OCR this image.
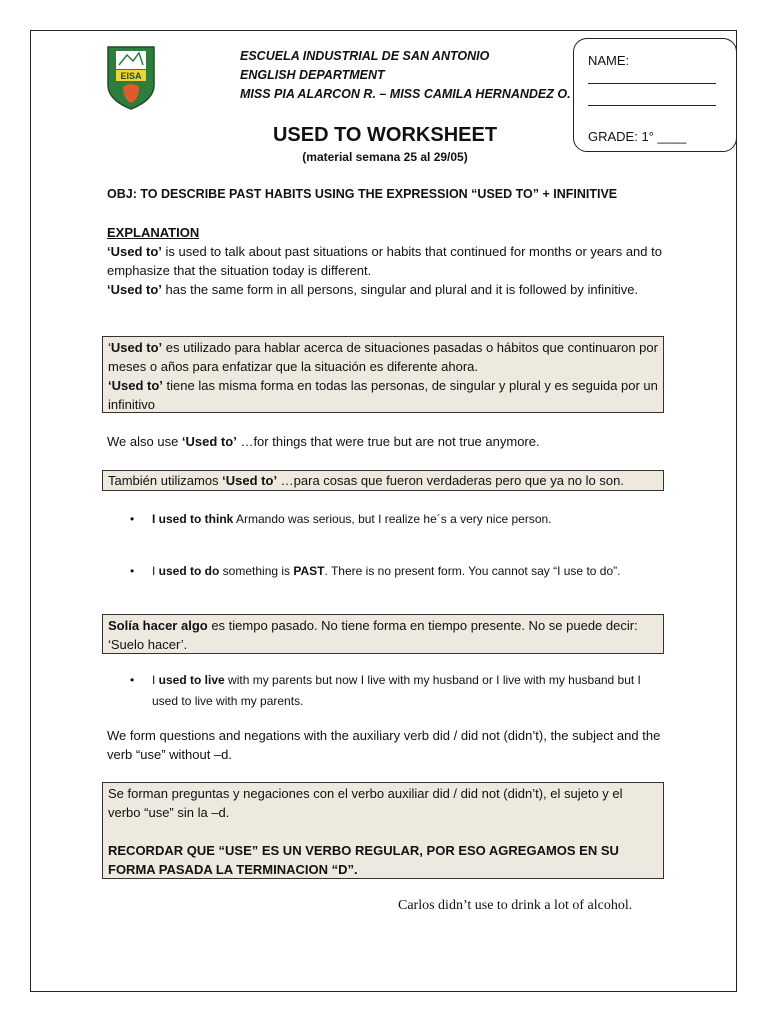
EISA
ESCUELA INDUSTRIAL DE SAN ANTONIO
ENGLISH DEPARTMENT
MISS PIA ALARCON R. – MISS CAMILA HERNANDEZ O.
NAME:
GRADE: 1° ____
USED TO WORKSHEET
(material semana 25 al 29/05)
OBJ: TO DESCRIBE PAST HABITS USING THE EXPRESSION “USED TO” + INFINITIVE
EXPLANATION
‘Used to’ is used to talk about past situations or habits that continued for months or years and to emphasize that the situation today is different.
‘Used to’ has the same form in all persons, singular and plural and it is followed by infinitive.
‘Used to’ es utilizado para hablar acerca de situaciones pasadas o hábitos que continuaron por meses o años para enfatizar que la situación es diferente ahora.
‘Used to’ tiene las misma forma en todas las personas, de singular y plural y es seguida por un infinitivo
We also use ‘Used to’ …for things that were true but are not true anymore.
También utilizamos ‘Used to’ …para cosas que fueron verdaderas pero que ya no lo son.
• I used to think Armando was serious, but I realize he´s a very nice person.
• I used to do something is PAST. There is no present form. You cannot say “I use to do”.
Solía hacer algo es tiempo pasado. No tiene forma en tiempo presente. No se puede decir: ‘Suelo hacer’.
• I used to live with my parents but now I live with my husband or I live with my husband but I used to live with my parents.
We form questions and negations with the auxiliary verb did / did not (didn’t), the subject and the verb “use” without –d.
Se forman preguntas y negaciones con el verbo auxiliar did / did not (didn’t), el sujeto y el verbo “use” sin la –d.
RECORDAR QUE “USE” ES UN VERBO REGULAR, POR ESO AGREGAMOS EN SU FORMA PASADA LA TERMINACION “D”.
Carlos didn’t use to drink a lot of alcohol.
